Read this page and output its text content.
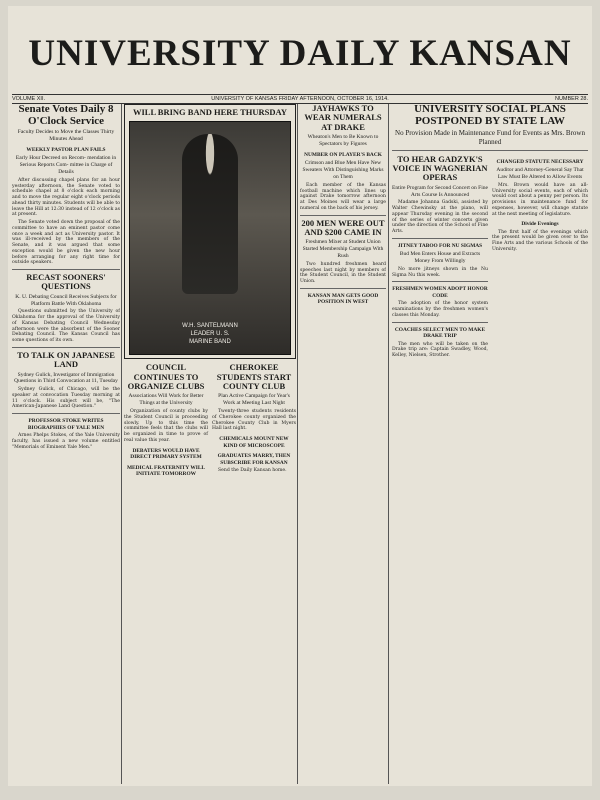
UNIVERSITY DAILY KANSAN
VOLUME XII.	UNIVERSITY OF KANSAS FRIDAY AFTERNOON, OCTOBER 16, 1914.	NUMBER 28.
Senate Votes Daily 8 O'Clock Service
Faculty Decides to Move the Classes Thirty Minutes Ahead
WEEKLY PASTOR PLAN FAILS
Early Hour Decreed on Recom- mendation in Serious Reports Com- mittee in Charge of Details

After discussing chapel plans for an hour yesterday afternoon, the Senate voted to schedule chapel at 8 o'clock each morning and to move the regular eight o'clock periods ahead thirty minutes. Students will be able to leave the Hill at 12:30 instead of 12 o'clock as at present.

The Senate voted down the proposal of the committee to have an eminent pastor come once a week and act as University pastor. It was ill-received by the members of the Senate, and it was argued that some exception would be given the new hour before arranging for any right time for outside speakers.

RECAST SOONERS' QUESTIONS
K. U. Debating Council Receives Subjects for Platform Battle With Oklahoma

Questions submitted by the University of Oklahoma for the approval of the University of Kansas Debating Council Wednesday afternoon were the absorbent of the Sooner Debating Council. The Kansas Council has some questions of its own.

TO TALK ON JAPANESE LAND
Sydney Gulick, Investigator of Immigration Questions in Third Convocation at 11, Tuesday

Sydney Gulick, of Chicago, will be the speaker at convocation Tuesday morning at 11 o'clock. His subject will be, "The American-Japanese Land Question."

PROFESSOR STOKE WRITES BIOGRAPHIES OF YALE MEN

Arnes Phelps Stokes, of the Yale University faculty, has issued a new volume entitled "Memorials of Eminent Yale Men."

WILL BRING BAND HERE THURSDAY
W.H. SANTELMANN
LEADER U. S.
MARINE BAND
COUNCIL CONTINUES TO ORGANIZE CLUBS
Associations Will Work for Better Things at the University

Organization of county clubs by the Student Council is proceeding slowly. Up to this time the committee feels that the clubs will be organized in time to prove of real value this year.

DEBATERS WOULD HAVE DIRECT PRIMARY SYSTEM
MEDICAL FRATERNITY WILL INITIATE TOMORROW
CHEROKEE STUDENTS START COUNTY CLUB
Plan Active Campaign for Year's Work at Meeting Last Night

Twenty-three students residents of Cherokee county organized the Cherokee County Club in Myers Hall last night.

CHEMICALS MOUNT NEW KIND OF MICROSCOPE
GRADUATES MARRY, THEN SUBSCRIBE FOR KANSAN

Send the Daily Kansan home.

JAYHAWKS TO WEAR NUMERALS AT DRAKE
Wheaton's Men to Be Known to Spectators by Figures
NUMBER ON PLAYER'S BACK
Crimson and Blue Men Have New Sweaters With Distinguishing Marks on Them

Each member of the Kansas football machine which lines up against Drake tomorrow afternoon at Des Moines will wear a large numeral on the back of his jersey.

200 MEN WERE OUT AND $200 CAME IN
Freshmen Mixer at Student Union Started Membership Campaign With Rush

Two hundred freshmen heard speeches last night by members of the Student Council, in the Student Union.

KANSAN MAN GETS GOOD POSITION IN WEST
UNIVERSITY SOCIAL PLANS POSTPONED BY STATE LAW
No Provision Made in Maintenance Fund for Events as Mrs. Brown Planned
TO HEAR GADZYK'S VOICE IN WAGNERIAN OPERAS
Entire Program for Second Concert on Fine Arts Course Is Announced

Madame Johanna Gadski, assisted by Walter Chewinsky at the piano, will appear Thursday evening in the second of the series of winter concerts given under the direction of the School of Fine Arts.

JITNEY TABOO FOR NU SIGMAS
Bud Men Enters House and Extracts Money From Willingly

No more jitneys shown in the Nu Sigma Nu this week.

FRESHMEN WOMEN ADOPT HONOR CODE

The adoption of the honor system examinations by the freshmen women's classes this Monday.

COACHES SELECT MEN TO MAKE DRAKE TRIP

The men who will be taken on the Drake trip are: Captain Swadley, Wood, Kelley, Nielsen, Strother.

CHANGED STATUTE NECESSARY
Auditor and Attorney-General Say That Law Must Be Altered to Allow Events

Mrs. Brown would have an all-University social events, each of which would cost about a penny per person. Its provisions in maintenance fund for expenses, however, will change statute at the next meeting of legislature.

Divide Evenings

The first half of the evenings which the present would be given over to the Fine Arts and the various Schools of the University.
